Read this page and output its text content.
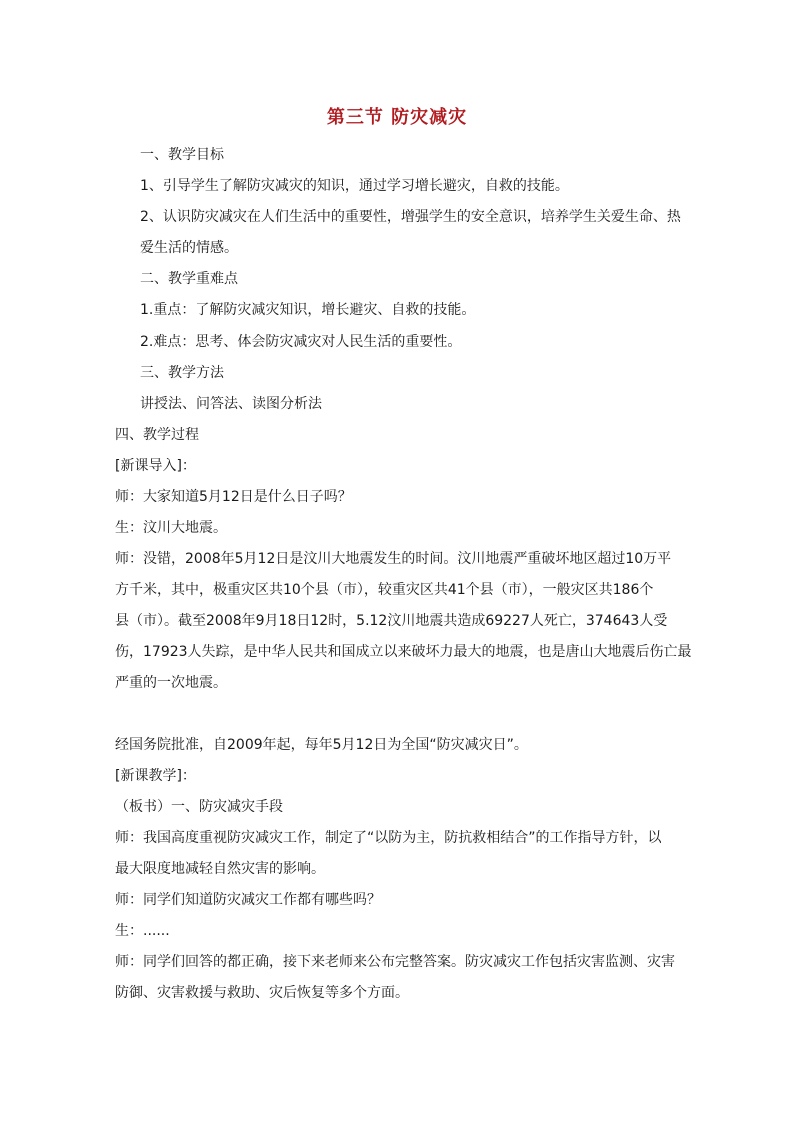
第三节 防灾减灾
一、教学目标
1、引导学生了解防灾减灾的知识，通过学习增长避灾，自救的技能。
2、认识防灾减灾在人们生活中的重要性，增强学生的安全意识，培养学生关爱生命、热
爱生活的情感。
二、教学重难点
1.重点：了解防灾减灾知识，增长避灾、自救的技能。
2.难点：思考、体会防灾减灾对人民生活的重要性。
三、教学方法
讲授法、问答法、读图分析法
四、教学过程
[新课导入]：
师：大家知道5月12日是什么日子吗？
生：汶川大地震。
师：没错，2008年5月12日是汶川大地震发生的时间。汶川地震严重破坏地区超过10万平
方千米，其中，极重灾区共10个县（市），较重灾区共41个县（市），一般灾区共186个
县（市）。截至2008年9月18日12时，5.12汶川地震共造成69227人死亡，374643人受
伤，17923人失踪，是中华人民共和国成立以来破坏力最大的地震，也是唐山大地震后伤亡最
严重的一次地震。
经国务院批准，自2009年起，每年5月12日为全国“防灾减灾日”。
[新课教学]：
（板书）一、防灾减灾手段
师：我国高度重视防灾减灾工作，制定了“以防为主，防抗救相结合”的工作指导方针，以
最大限度地减轻自然灾害的影响。
师：同学们知道防灾减灾工作都有哪些吗？
生：......
师：同学们回答的都正确，接下来老师来公布完整答案。防灾减灾工作包括灾害监测、灾害
防御、灾害救援与救助、灾后恢复等多个方面。
